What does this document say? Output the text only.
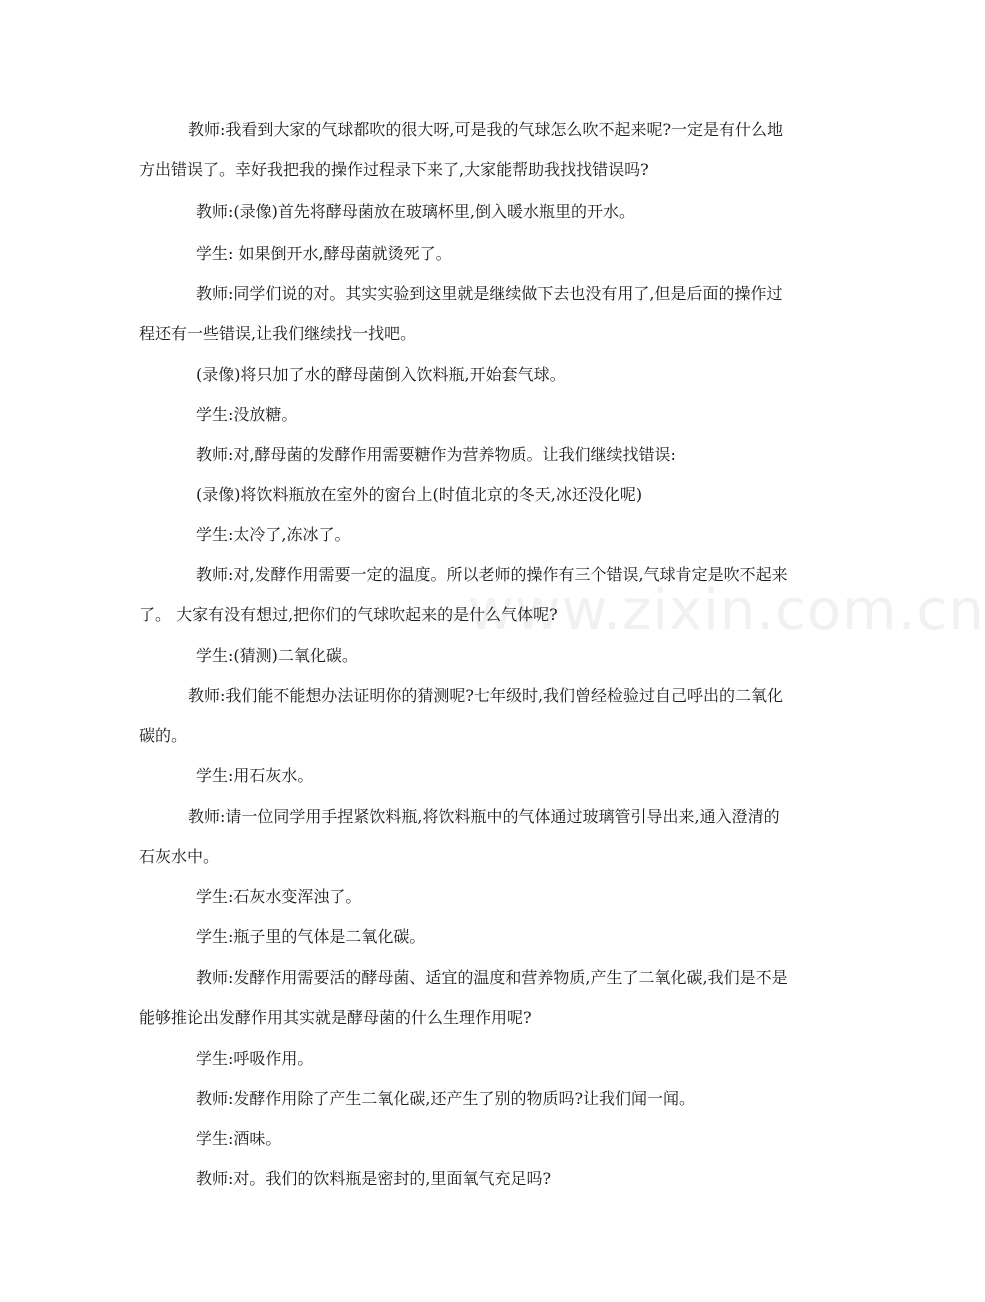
www.zixin.com.cn

教师:我看到大家的气球都吹的很大呀,可是我的气球怎么吹不起来呢?一定是有什么地方出错误了。幸好我把我的操作过程录下来了,大家能帮助我找找错误吗?

教师:(录像)首先将酵母菌放在玻璃杯里,倒入暖水瓶里的开水。

学生: 如果倒开水,酵母菌就烫死了。

教师:同学们说的对。其实实验到这里就是继续做下去也没有用了,但是后面的操作过程还有一些错误,让我们继续找一找吧。

(录像)将只加了水的酵母菌倒入饮料瓶,开始套气球。

学生:没放糖。

教师:对,酵母菌的发酵作用需要糖作为营养物质。让我们继续找错误:

(录像)将饮料瓶放在室外的窗台上(时值北京的冬天,冰还没化呢)

学生:太冷了,冻冰了。

教师:对,发酵作用需要一定的温度。所以老师的操作有三个错误,气球肯定是吹不起来了。 大家有没有想过,把你们的气球吹起来的是什么气体呢?

学生:(猜测)二氧化碳。

教师:我们能不能想办法证明你的猜测呢?七年级时,我们曾经检验过自己呼出的二氧化碳的。

学生:用石灰水。

教师:请一位同学用手捏紧饮料瓶,将饮料瓶中的气体通过玻璃管引导出来,通入澄清的石灰水中。

学生:石灰水变浑浊了。

学生:瓶子里的气体是二氧化碳。

教师:发酵作用需要活的酵母菌、适宜的温度和营养物质,产生了二氧化碳,我们是不是能够推论出发酵作用其实就是酵母菌的什么生理作用呢?

学生:呼吸作用。

教师:发酵作用除了产生二氧化碳,还产生了别的物质吗?让我们闻一闻。

学生:酒味。

教师:对。我们的饮料瓶是密封的,里面氧气充足吗?
